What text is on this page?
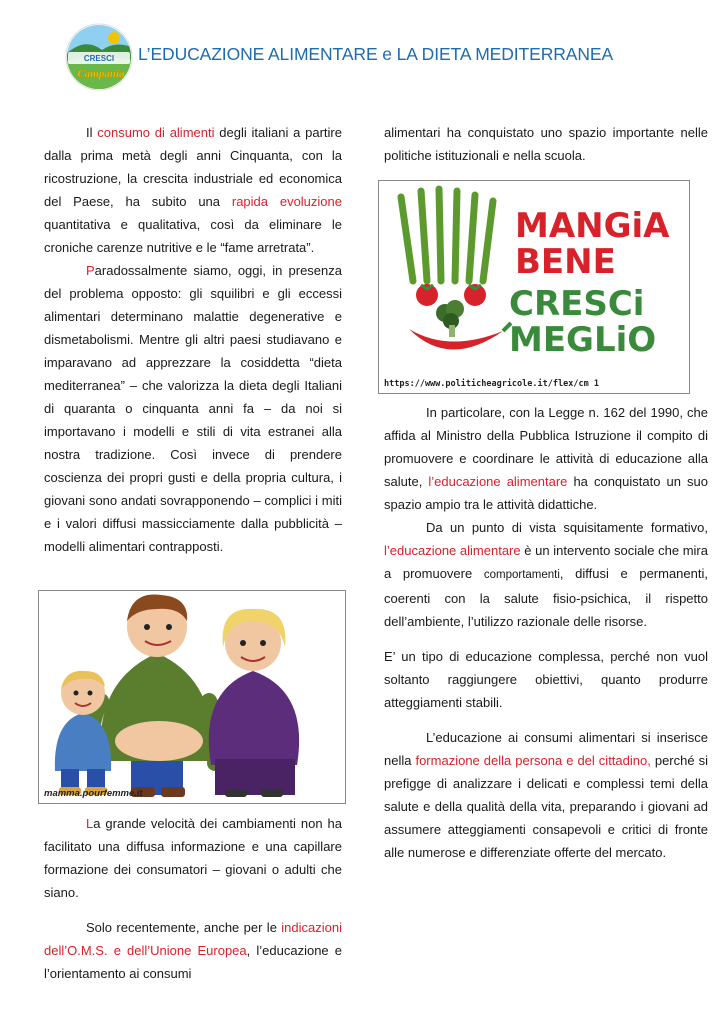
CRESCI
Campania
L’EDUCAZIONE ALIMENTARE e LA DIETA MEDITERRANEA

Il consumo di alimenti degli italiani a partire dalla prima metà degli anni Cinquanta, con la ricostruzione, la crescita industriale ed economica del Paese, ha subito una rapida evoluzione quantitativa e qualitativa, così da eliminare le croniche carenze nutritive e le “fame arretrata”.

Paradossalmente siamo, oggi, in presenza del problema opposto: gli squilibri e gli eccessi alimentari determinano malattie degenerative e dismetabolismi. Mentre gli altri paesi studiavano e imparavano ad apprezzare la cosiddetta “dieta mediterranea” – che valorizza la dieta degli Italiani di quaranta o cinquanta anni fa – da noi si importavano i modelli e stili di vita estranei alla nostra tradizione. Così invece di prendere coscienza dei propri gusti e della propria cultura, i giovani sono andati sovrapponendo – complici i miti e i valori diffusi massicciamente dalla pubblicità – modelli alimentari contrapposti.

mamma.pourfemme.it

La grande velocità dei cambiamenti non ha facilitato una diffusa informazione e una capillare formazione dei consumatori – giovani o adulti che siano.

Solo recentemente, anche per le indicazioni dell’O.M.S. e dell’Unione Europea, l’educazione e l’orientamento ai consumi

alimentari ha conquistato uno spazio importante nelle politiche istituzionali e nella scuola.

MANGiA
BENE
CRESCi
MEGLiO
https://www.politicheagricole.it/flex/cm 1

In particolare, con la Legge n. 162 del 1990, che affida al Ministro della Pubblica Istruzione il compito di promuovere e coordinare le attività di educazione alla salute, l’educazione alimentare ha conquistato un suo spazio ampio tra le attività didattiche.

Da un punto di vista squisitamente formativo, l’educazione alimentare è un intervento sociale che mira a promuovere comportamenti, diffusi e permanenti, coerenti con la salute fisio-psichica, il rispetto dell’ambiente, l’utilizzo razionale delle risorse.

E’ un tipo di educazione complessa, perché non vuol soltanto raggiungere obiettivi, quanto produrre atteggiamenti stabili.

L’educazione ai consumi alimentari si inserisce nella formazione della persona e del cittadino, perché si prefigge di analizzare i delicati e complessi temi della salute e della qualità della vita, preparando i giovani ad assumere atteggiamenti consapevoli e critici di fronte alle numerose e differenziate offerte del mercato.
